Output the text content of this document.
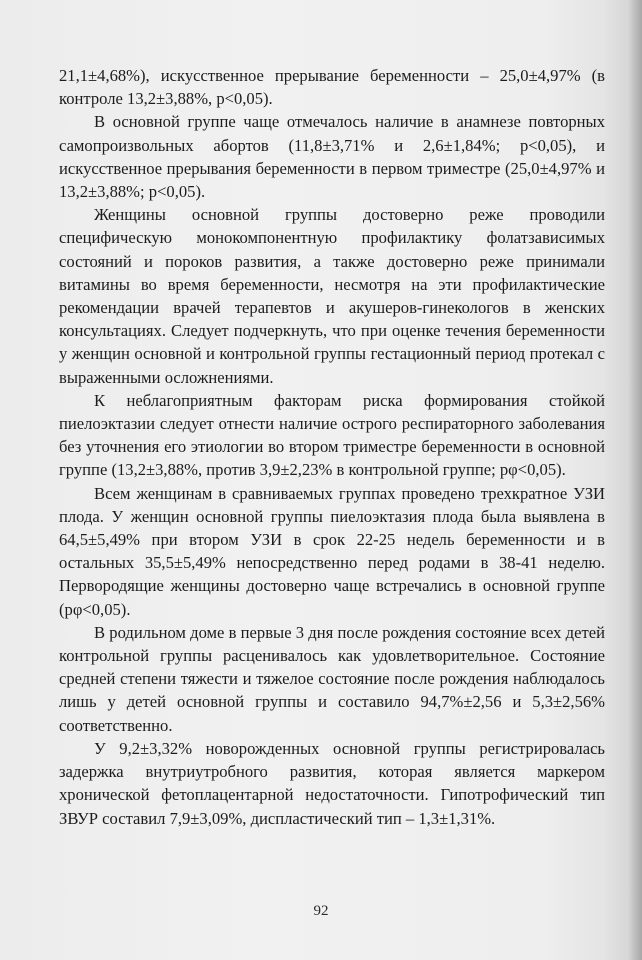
21,1±4,68%), искусственное прерывание беременности – 25,0±4,97% (в контроле 13,2±3,88%, p<0,05).

В основной группе чаще отмечалось наличие в анамнезе повторных самопроизвольных абортов (11,8±3,71% и 2,6±1,84%; p<0,05), и искусственное прерывания беременности в первом триместре (25,0±4,97% и 13,2±3,88%; p<0,05).

Женщины основной группы достоверно реже проводили специфическую монокомпонентную профилактику фолатзависимых состояний и пороков развития, а также достоверно реже принимали витамины во время беременности, несмотря на эти профилактические рекомендации врачей терапевтов и акушеров-гинекологов в женских консультациях. Следует подчеркнуть, что при оценке течения беременности у женщин основной и контрольной группы гестационный период протекал с выраженными осложнениями.

К неблагоприятным факторам риска формирования стойкой пиелоэктазии следует отнести наличие острого респираторного заболевания без уточнения его этиологии во втором триместре беременности в основной группе (13,2±3,88%, против 3,9±2,23% в контрольной группе; pφ<0,05).

Всем женщинам в сравниваемых группах проведено трехкратное УЗИ плода. У женщин основной группы пиелоэктазия плода была выявлена в 64,5±5,49% при втором УЗИ в срок 22-25 недель беременности и в остальных 35,5±5,49% непосредственно перед родами в 38-41 неделю. Первородящие женщины достоверно чаще встречались в основной группе (pφ<0,05).

В родильном доме в первые 3 дня после рождения состояние всех детей контрольной группы расценивалось как удовлетворительное. Состояние средней степени тяжести и тяжелое состояние после рождения наблюдалось лишь у детей основной группы и составило 94,7%±2,56 и 5,3±2,56% соответственно.

У 9,2±3,32% новорожденных основной группы регистрировалась задержка внутриутробного развития, которая является маркером хронической фетоплацентарной недостаточности. Гипотрофический тип ЗВУР составил 7,9±3,09%, диспластический тип – 1,3±1,31%.

92
